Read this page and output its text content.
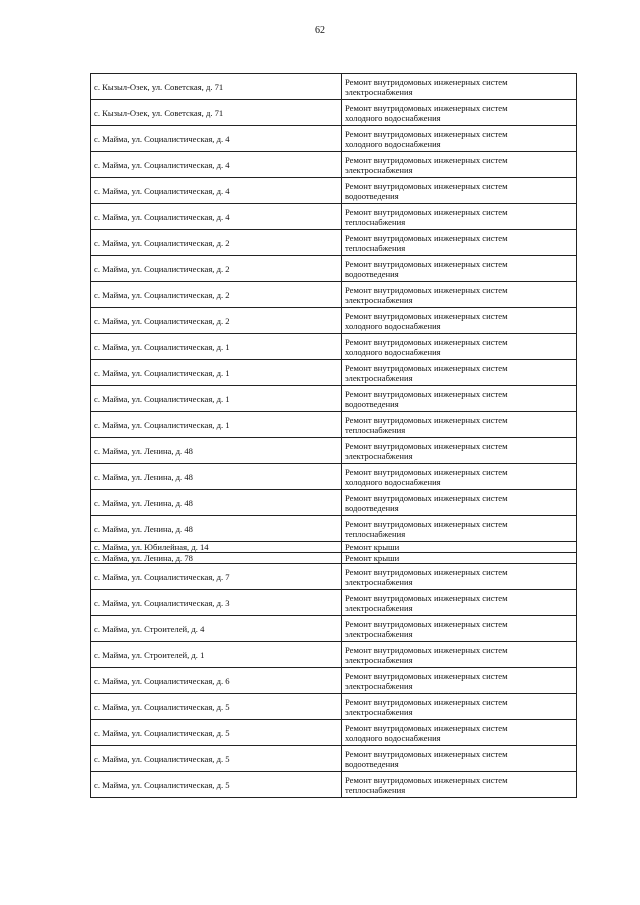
62
с. Кызыл-Озек, ул. Советская, д. 71	Ремонт внутридомовых инженерных систем
электроснабжения

с. Кызыл-Озек, ул. Советская, д. 71	Ремонт внутридомовых инженерных систем
холодного водоснабжения

с. Майма, ул. Социалистическая, д. 4	Ремонт внутридомовых инженерных систем
холодного водоснабжения

с. Майма, ул. Социалистическая, д. 4	Ремонт внутридомовых инженерных систем
электроснабжения

с. Майма, ул. Социалистическая, д. 4	Ремонт внутридомовых инженерных систем
водоотведения

с. Майма, ул. Социалистическая, д. 4	Ремонт внутридомовых инженерных систем
теплоснабжения

с. Майма, ул. Социалистическая, д. 2	Ремонт внутридомовых инженерных систем
теплоснабжения

с. Майма, ул. Социалистическая, д. 2	Ремонт внутридомовых инженерных систем
водоотведения

с. Майма, ул. Социалистическая, д. 2	Ремонт внутридомовых инженерных систем
электроснабжения

с. Майма, ул. Социалистическая, д. 2	Ремонт внутридомовых инженерных систем
холодного водоснабжения

с. Майма, ул. Социалистическая, д. 1	Ремонт внутридомовых инженерных систем
холодного водоснабжения

с. Майма, ул. Социалистическая, д. 1	Ремонт внутридомовых инженерных систем
электроснабжения

с. Майма, ул. Социалистическая, д. 1	Ремонт внутридомовых инженерных систем
водоотведения

с. Майма, ул. Социалистическая, д. 1	Ремонт внутридомовых инженерных систем
теплоснабжения

с. Майма, ул. Ленина, д. 48	Ремонт внутридомовых инженерных систем
электроснабжения

с. Майма, ул. Ленина, д. 48	Ремонт внутридомовых инженерных систем
холодного водоснабжения

с. Майма, ул. Ленина, д. 48	Ремонт внутридомовых инженерных систем
водоотведения

с. Майма, ул. Ленина, д. 48	Ремонт внутридомовых инженерных систем
теплоснабжения

с. Майма, ул. Юбилейная, д. 14	Ремонт крыши

с. Майма, ул. Ленина, д. 78	Ремонт крыши

с. Майма, ул. Социалистическая, д. 7	Ремонт внутридомовых инженерных систем
электроснабжения

с. Майма, ул. Социалистическая, д. 3	Ремонт внутридомовых инженерных систем
электроснабжения

с. Майма, ул. Строителей, д. 4	Ремонт внутридомовых инженерных систем
электроснабжения

с. Майма, ул. Строителей, д. 1	Ремонт внутридомовых инженерных систем
электроснабжения

с. Майма, ул. Социалистическая, д. 6	Ремонт внутридомовых инженерных систем
электроснабжения

с. Майма, ул. Социалистическая, д. 5	Ремонт внутридомовых инженерных систем
электроснабжения

с. Майма, ул. Социалистическая, д. 5	Ремонт внутридомовых инженерных систем
холодного водоснабжения

с. Майма, ул. Социалистическая, д. 5	Ремонт внутридомовых инженерных систем
водоотведения

с. Майма, ул. Социалистическая, д. 5	Ремонт внутридомовых инженерных систем
теплоснабжения
